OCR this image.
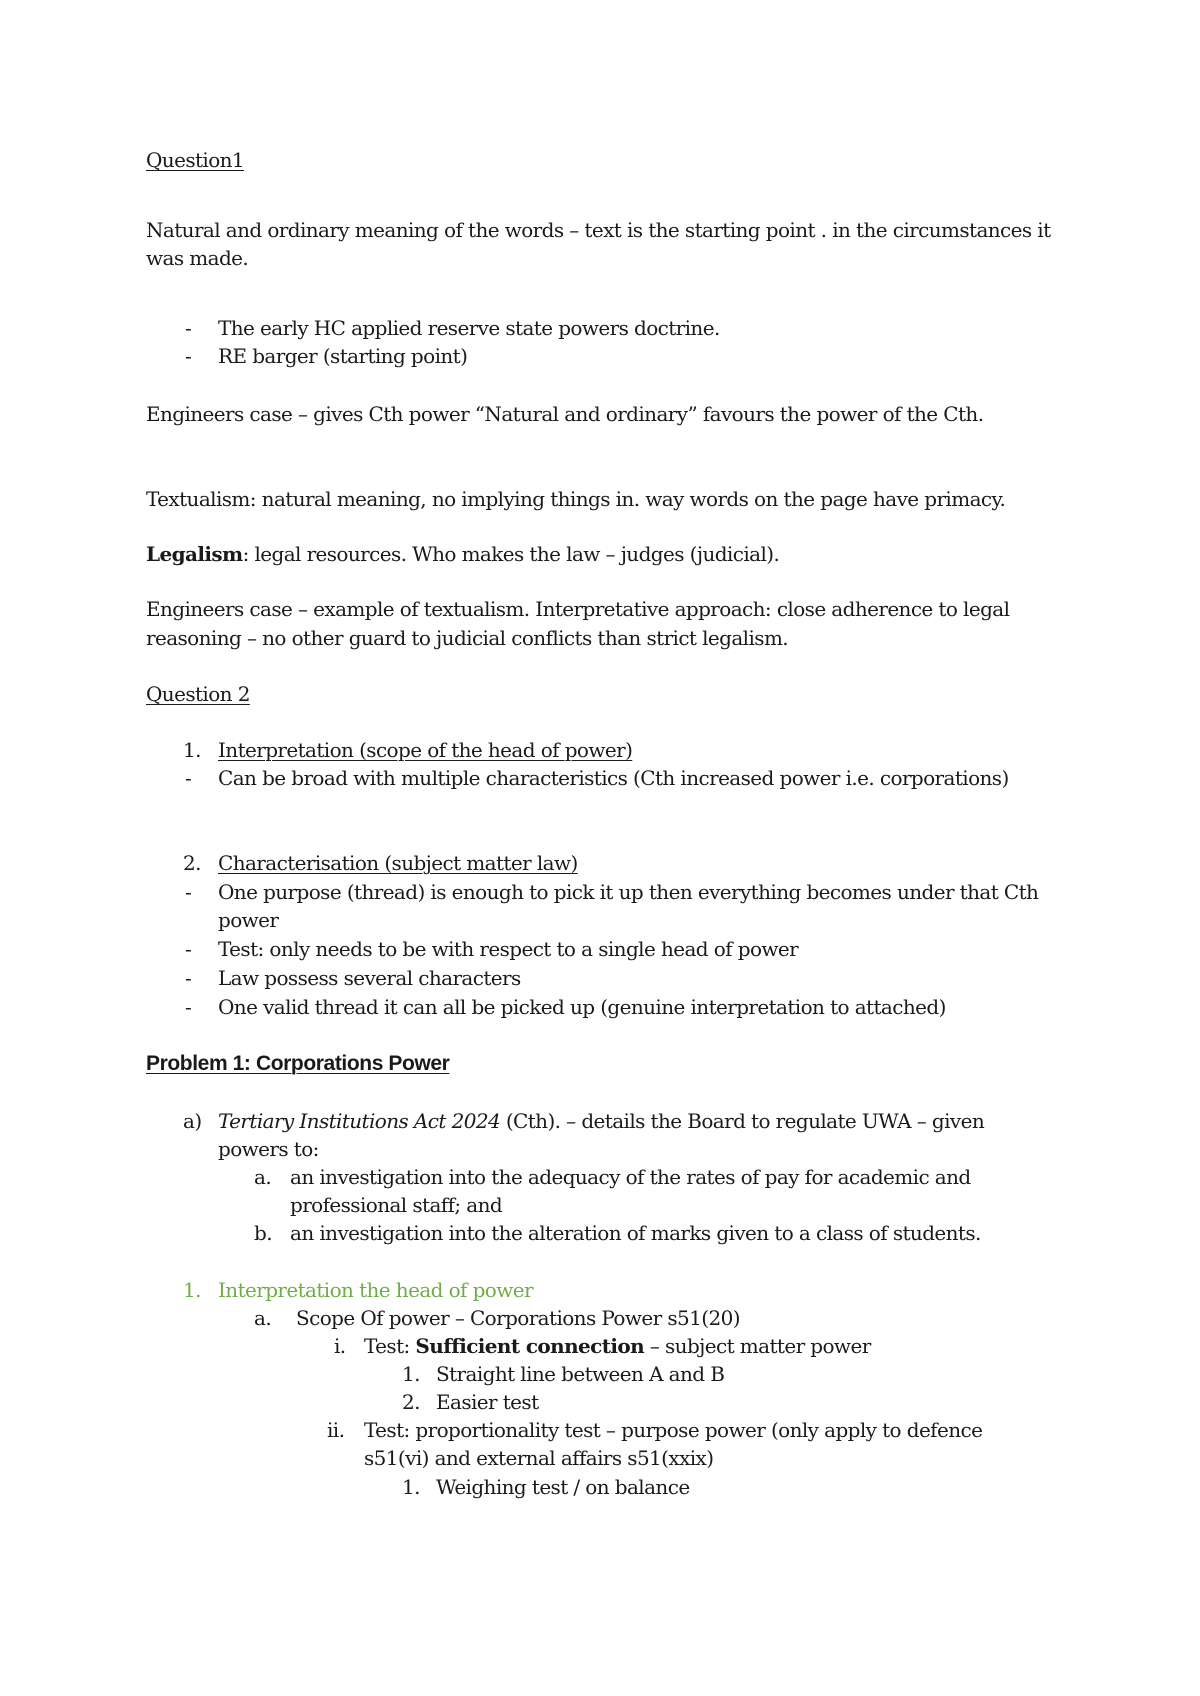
Question1
Natural and ordinary meaning of the words – text is the starting point . in the circumstances it
was made.
- The early HC applied reserve state powers doctrine.
- RE barger (starting point)
Engineers case – gives Cth power “Natural and ordinary” favours the power of the Cth.
Textualism: natural meaning, no implying things in. way words on the page have primacy.
Legalism: legal resources. Who makes the law – judges (judicial).
Engineers case – example of textualism. Interpretative approach: close adherence to legal
reasoning – no other guard to judicial conflicts than strict legalism.
Question 2
1. Interpretation (scope of the head of power)
- Can be broad with multiple characteristics (Cth increased power i.e. corporations)
2. Characterisation (subject matter law)
- One purpose (thread) is enough to pick it up then everything becomes under that Cth
power
- Test: only needs to be with respect to a single head of power
- Law possess several characters
- One valid thread it can all be picked up (genuine interpretation to attached)
Problem 1: Corporations Power
a) Tertiary Institutions Act 2024 (Cth). – details the Board to regulate UWA – given
powers to:
a. an investigation into the adequacy of the rates of pay for academic and
professional staff; and
b. an investigation into the alteration of marks given to a class of students.
1. Interpretation the head of power
a. Scope Of power – Corporations Power s51(20)
i. Test: Sufficient connection – subject matter power
1. Straight line between A and B
2. Easier test
ii. Test: proportionality test – purpose power (only apply to defence
s51(vi) and external affairs s51(xxix)
1. Weighing test / on balance
